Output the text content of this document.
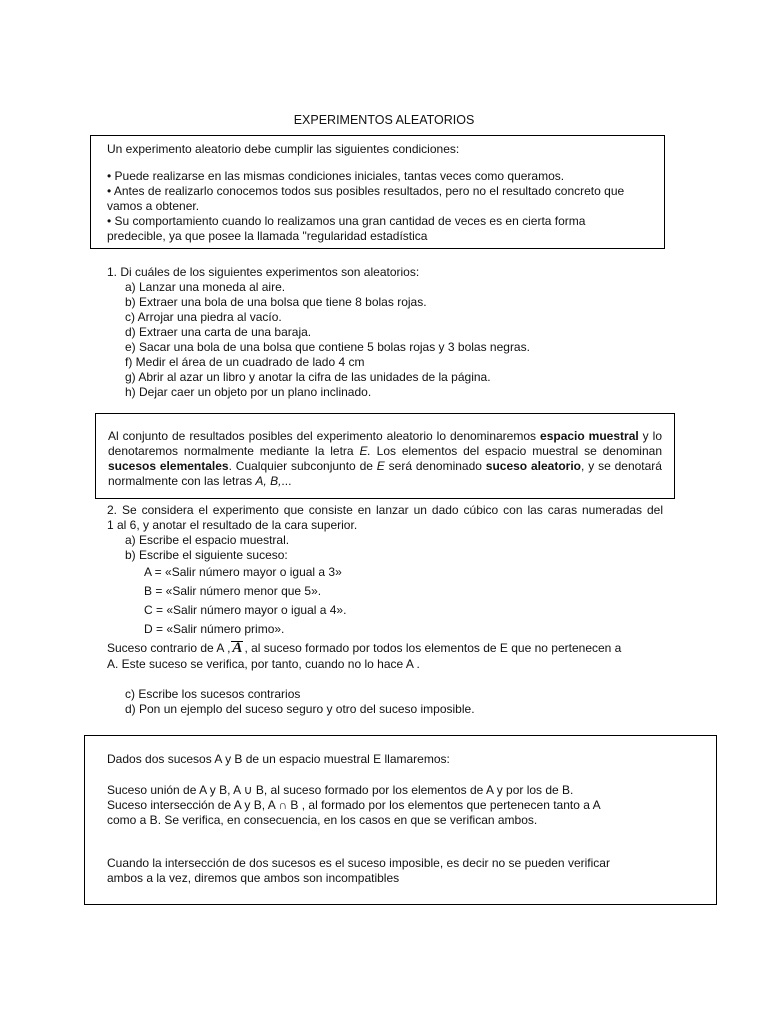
EXPERIMENTOS ALEATORIOS
Un experimento aleatorio debe cumplir las siguientes condiciones:
• Puede realizarse en las mismas condiciones iniciales, tantas veces como queramos.
• Antes de realizarlo conocemos todos sus posibles resultados, pero no el resultado concreto que
vamos a obtener.
• Su comportamiento cuando lo realizamos una gran cantidad de veces es en cierta forma
predecible, ya que posee la llamada "regularidad estadística
1. Di cuáles de los siguientes experimentos son aleatorios:
a) Lanzar una moneda al aire.
b) Extraer una bola de una bolsa que tiene 8 bolas rojas.
c) Arrojar una piedra al vacío.
d) Extraer una carta de una baraja.
e) Sacar una bola de una bolsa que contiene 5 bolas rojas y 3 bolas negras.
f) Medir el área de un cuadrado de lado 4 cm
g) Abrir al azar un libro y anotar la cifra de las unidades de la página.
h) Dejar caer un objeto por un plano inclinado.
Al conjunto de resultados posibles del experimento aleatorio lo denominaremos espacio muestral y lo denotaremos normalmente mediante la letra E. Los elementos del espacio muestral se denominan sucesos elementales. Cualquier subconjunto de E será denominado suceso aleatorio, y se denotará normalmente con las letras A, B,...
2. Se considera el experimento que consiste en lanzar un dado cúbico con las caras numeradas del
1 al 6, y anotar el resultado de la cara superior.
a) Escribe el espacio muestral.
b) Escribe el siguiente suceso:
A = «Salir número mayor o igual a 3»
B = «Salir número menor que 5».
C = «Salir número mayor o igual a 4».
D = «Salir número primo».
Suceso contrario de A , A , al suceso formado por todos los elementos de E que no pertenecen a
A. Este suceso se verifica, por tanto, cuando no lo hace A .
c) Escribe los sucesos contrarios
d) Pon un ejemplo del suceso seguro y otro del suceso imposible.
Dados dos sucesos A y B de un espacio muestral E llamaremos:
Suceso unión de A y B, A ∪ B, al suceso formado por los elementos de A y por los de B.
Suceso intersección de A y B, A ∩ B , al formado por los elementos que pertenecen tanto a A
como a B. Se verifica, en consecuencia, en los casos en que se verifican ambos.
Cuando la intersección de dos sucesos es el suceso imposible, es decir no se pueden verificar
ambos a la vez, diremos que ambos son incompatibles
